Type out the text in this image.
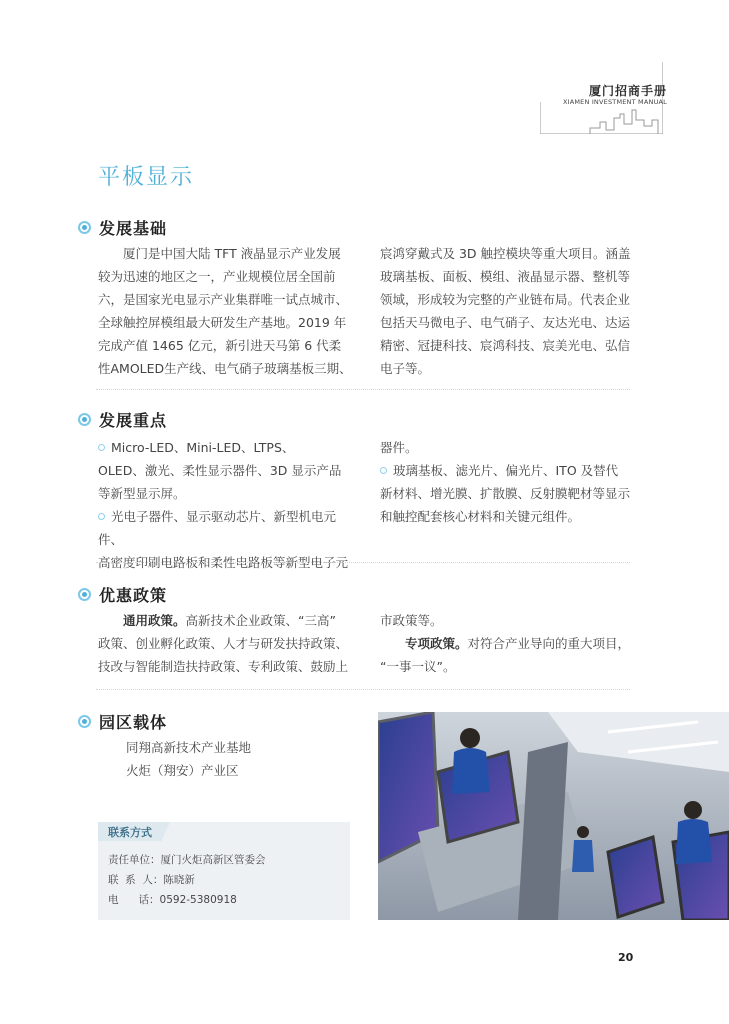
厦门招商手册
XIAMEN INVESTMENT MANUAL
平板显示
发展基础

厦门是中国大陆 TFT 液晶显示产业发展

较为迅速的地区之一，产业规模位居全国前

六，是国家光电显示产业集群唯一试点城市、

全球触控屏模组最大研发生产基地。2019 年

完成产值 1465 亿元，新引进天马第 6 代柔

性AMOLED生产线、电气硝子玻璃基板三期、

宸鸿穿戴式及 3D 触控模块等重大项目。涵盖

玻璃基板、面板、模组、液晶显示器、整机等

领域，形成较为完整的产业链布局。代表企业

包括天马微电子、电气硝子、友达光电、达运

精密、冠捷科技、宸鸿科技、宸美光电、弘信

电子等。

发展重点

Micro-LED、Mini-LED、LTPS、

OLED、激光、柔性显示器件、3D 显示产品

等新型显示屏。

光电子器件、显示驱动芯片、新型机电元件、

高密度印刷电路板和柔性电路板等新型电子元

器件。

玻璃基板、滤光片、偏光片、ITO 及替代

新材料、增光膜、扩散膜、反射膜靶材等显示

和触控配套核心材料和关键元组件。

优惠政策

通用政策。高新技术企业政策、“三高”

政策、创业孵化政策、人才与研发扶持政策、

技改与智能制造扶持政策、专利政策、鼓励上

市政策等。

专项政策。对符合产业导向的重大项目，

“一事一议”。

园区载体
同翔高新技术产业基地
火炬（翔安）产业区
联系方式
责任单位：厦门火炬高新区管委会
联  系  人：陈晓新
电      话：0592-5380918
20
